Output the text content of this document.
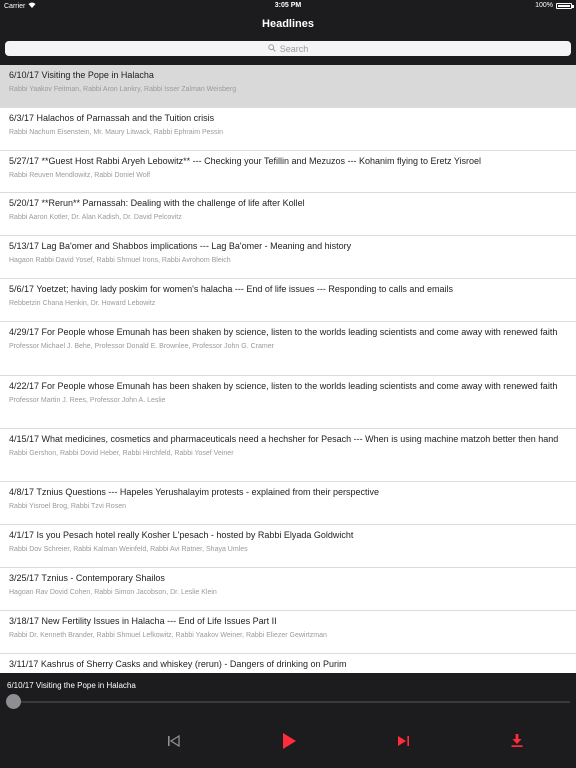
Carrier	3:05 PM	100%
Headlines
Search
6/10/17 Visiting the Pope in Halacha
Rabbi Yaakov Feitman, Rabbi Aron Lankry, Rabbi Isser Zalman Weisberg
6/3/17 Halachos of Parnassah and the Tuition crisis
Rabbi Nachum Eisenstein, Mr. Maury Litwack, Rabbi Ephraim Pessin
5/27/17 **Guest Host Rabbi Aryeh Lebowitz** --- Checking your Tefillin and Mezuzos --- Kohanim flying to Eretz Yisroel
Rabbi Reuven Mendlowitz, Rabbi Doniel Wolf
5/20/17 **Rerun** Parnassah: Dealing with the challenge of life after Kollel
Rabbi Aaron Kotler, Dr. Alan Kadish, Dr. David Pelcovitz
5/13/17 Lag Ba'omer and Shabbos implications --- Lag Ba'omer - Meaning and history
Hagaon Rabbi David Yosef, Rabbi Shmuel Irons, Rabbi Avrohom Bleich
5/6/17 Yoetzet; having lady poskim for women's halacha --- End of life issues --- Responding to calls and emails
Rebbetzin Chana Henkin, Dr. Howard Lebowitz
4/29/17 For People whose Emunah has been shaken by science, listen to the worlds leading scientists and come away with renewed faith
Professor Michael J. Behe, Professor Donald E. Brownlee, Professor John G. Cramer
4/22/17 For People whose Emunah has been shaken by science, listen to the worlds leading scientists and come away with renewed faith
Professor Martin J. Rees, Professor John A. Leslie
4/15/17 What medicines, cosmetics and pharmaceuticals need a hechsher for Pesach --- When is using machine matzoh better then hand
Rabbi Gershon, Rabbi Dovid Heber, Rabbi Hirchfeld, Rabbi Yosef Veiner
4/8/17 Tznius Questions --- Hapeles Yerushalayim protests - explained from their perspective
Rabbi Yisroel Brog, Rabbi Tzvi Rosen
4/1/17 Is you Pesach hotel really Kosher L'pesach - hosted by Rabbi Elyada Goldwicht
Rabbi Dov Schreier, Rabbi Kalman Weinfeld, Rabbi Avi Ratner, Shaya Umles
3/25/17 Tznius - Contemporary Shailos
Hagoan Rav Dovid Cohen, Rabbi Simon Jacobson, Dr. Leslie Klein
3/18/17 New Fertility Issues in Halacha --- End of Life Issues Part II
Rabbi Dr. Kenneth Brander, Rabbi Shmuel Lefkowitz, Rabbi Yaakov Weiner, Rabbi Eliezer Gewirtzman
3/11/17 Kashrus of Sherry Casks and whiskey (rerun) - Dangers of drinking on Purim
6/10/17 Visiting the Pope in Halacha
